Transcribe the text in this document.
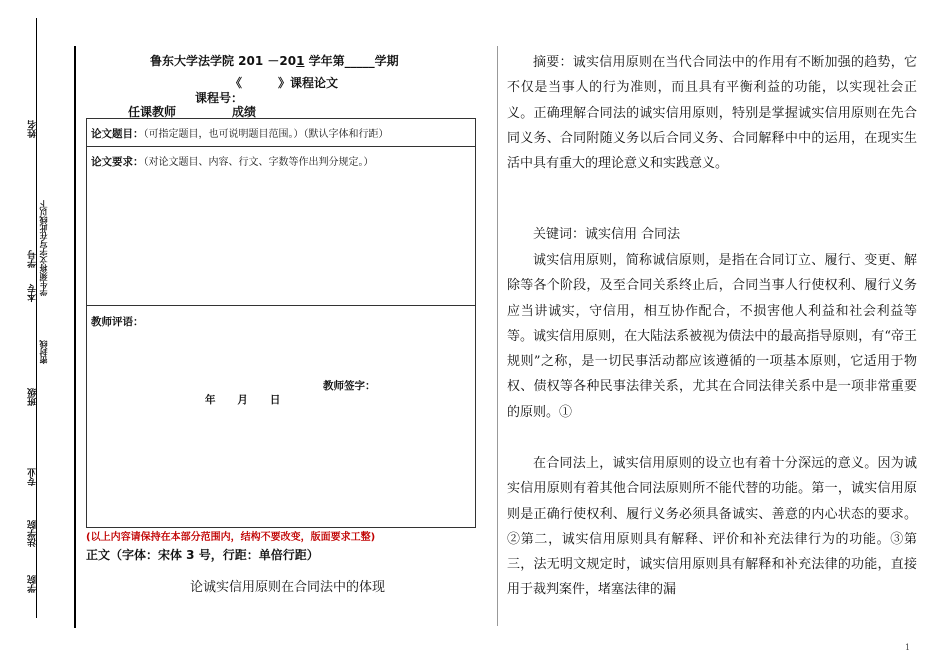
姓名
本专
学号 学生须将文字写在此线以下
密封线
班级
专业
法学院
学院
鲁东大学法学院 201 －201 学年第_____学期
《	》课程论文
课程号：
任课教师	成绩
论文题目：（可指定题目，也可说明题目范围。）（默认字体和行距）
论文要求：（对论文题目、内容、行文、字数等作出判分规定。）
教师评语：
教师签字：
年      月      日
(以上内容请保持在本部分范围内，结构不要改变，版面要求工整)
正文（字体：宋体 3 号，行距：单倍行距）
论诚实信用原则在合同法中的体现

摘要：诚实信用原则在当代合同法中的作用有不断加强的趋势，它不仅是当事人的行为准则，而且具有平衡利益的功能，以实现社会正义。正确理解合同法的诚实信用原则，特别是掌握诚实信用原则在先合同义务、合同附随义务以后合同义务、合同解释中中的运用，在现实生活中具有重大的理论意义和实践意义。

关键词：诚实信用 合同法

诚实信用原则，简称诚信原则，是指在合同订立、履行、变更、解除等各个阶段，及至合同关系终止后，合同当事人行使权利、履行义务应当讲诚实，守信用，相互协作配合，不损害他人利益和社会利益等等。诚实信用原则，在大陆法系被视为债法中的最高指导原则，有“帝王规则”之称，是一切民事活动都应该遵循的一项基本原则，它适用于物权、债权等各种民事法律关系，尤其在合同法律关系中是一项非常重要的原则。①

在合同法上，诚实信用原则的设立也有着十分深远的意义。因为诚实信用原则有着其他合同法原则所不能代替的功能。第一，诚实信用原则是正确行使权利、履行义务必须具备诚实、善意的内心状态的要求。②第二，诚实信用原则具有解释、评价和补充法律行为的功能。③第三，法无明文规定时，诚实信用原则具有解释和补充法律的功能，直接用于裁判案件，堵塞法律的漏

1
